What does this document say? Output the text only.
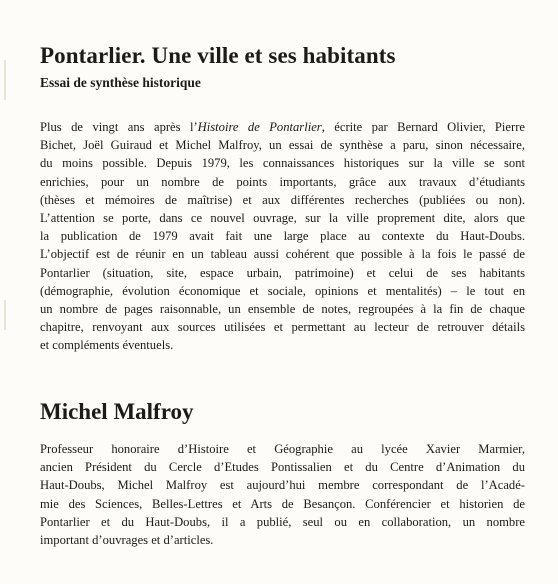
Pontarlier. Une ville et ses habitants
Essai de synthèse historique
Plus de vingt ans après l’Histoire de Pontarlier, écrite par Bernard Olivier, Pierre
Bichet, Joël Guiraud et Michel Malfroy, un essai de synthèse a paru, sinon nécessaire,
du moins possible. Depuis 1979, les connaissances historiques sur la ville se sont
enrichies, pour un nombre de points importants, grâce aux travaux d’étudiants
(thèses et mémoires de maîtrise) et aux différentes recherches (publiées ou non).
L’attention se porte, dans ce nouvel ouvrage, sur la ville proprement dite, alors que
la publication de 1979 avait fait une large place au contexte du Haut-Doubs.
L’objectif est de réunir en un tableau aussi cohérent que possible à la fois le passé de
Pontarlier (situation, site, espace urbain, patrimoine) et celui de ses habitants
(démographie, évolution économique et sociale, opinions et mentalités) – le tout en
un nombre de pages raisonnable, un ensemble de notes, regroupées à la fin de chaque
chapitre, renvoyant aux sources utilisées et permettant au lecteur de retrouver détails
et compléments éventuels.
Michel Malfroy
Professeur honoraire d’Histoire et Géographie au lycée Xavier Marmier,
ancien Président du Cercle d’Etudes Pontissalien et du Centre d’Animation du
Haut-Doubs, Michel Malfroy est aujourd’hui membre correspondant de l’Acadé-
mie des Sciences, Belles-Lettres et Arts de Besançon. Conférencier et historien de
Pontarlier et du Haut-Doubs, il a publié, seul ou en collaboration, un nombre
important d’ouvrages et d’articles.
